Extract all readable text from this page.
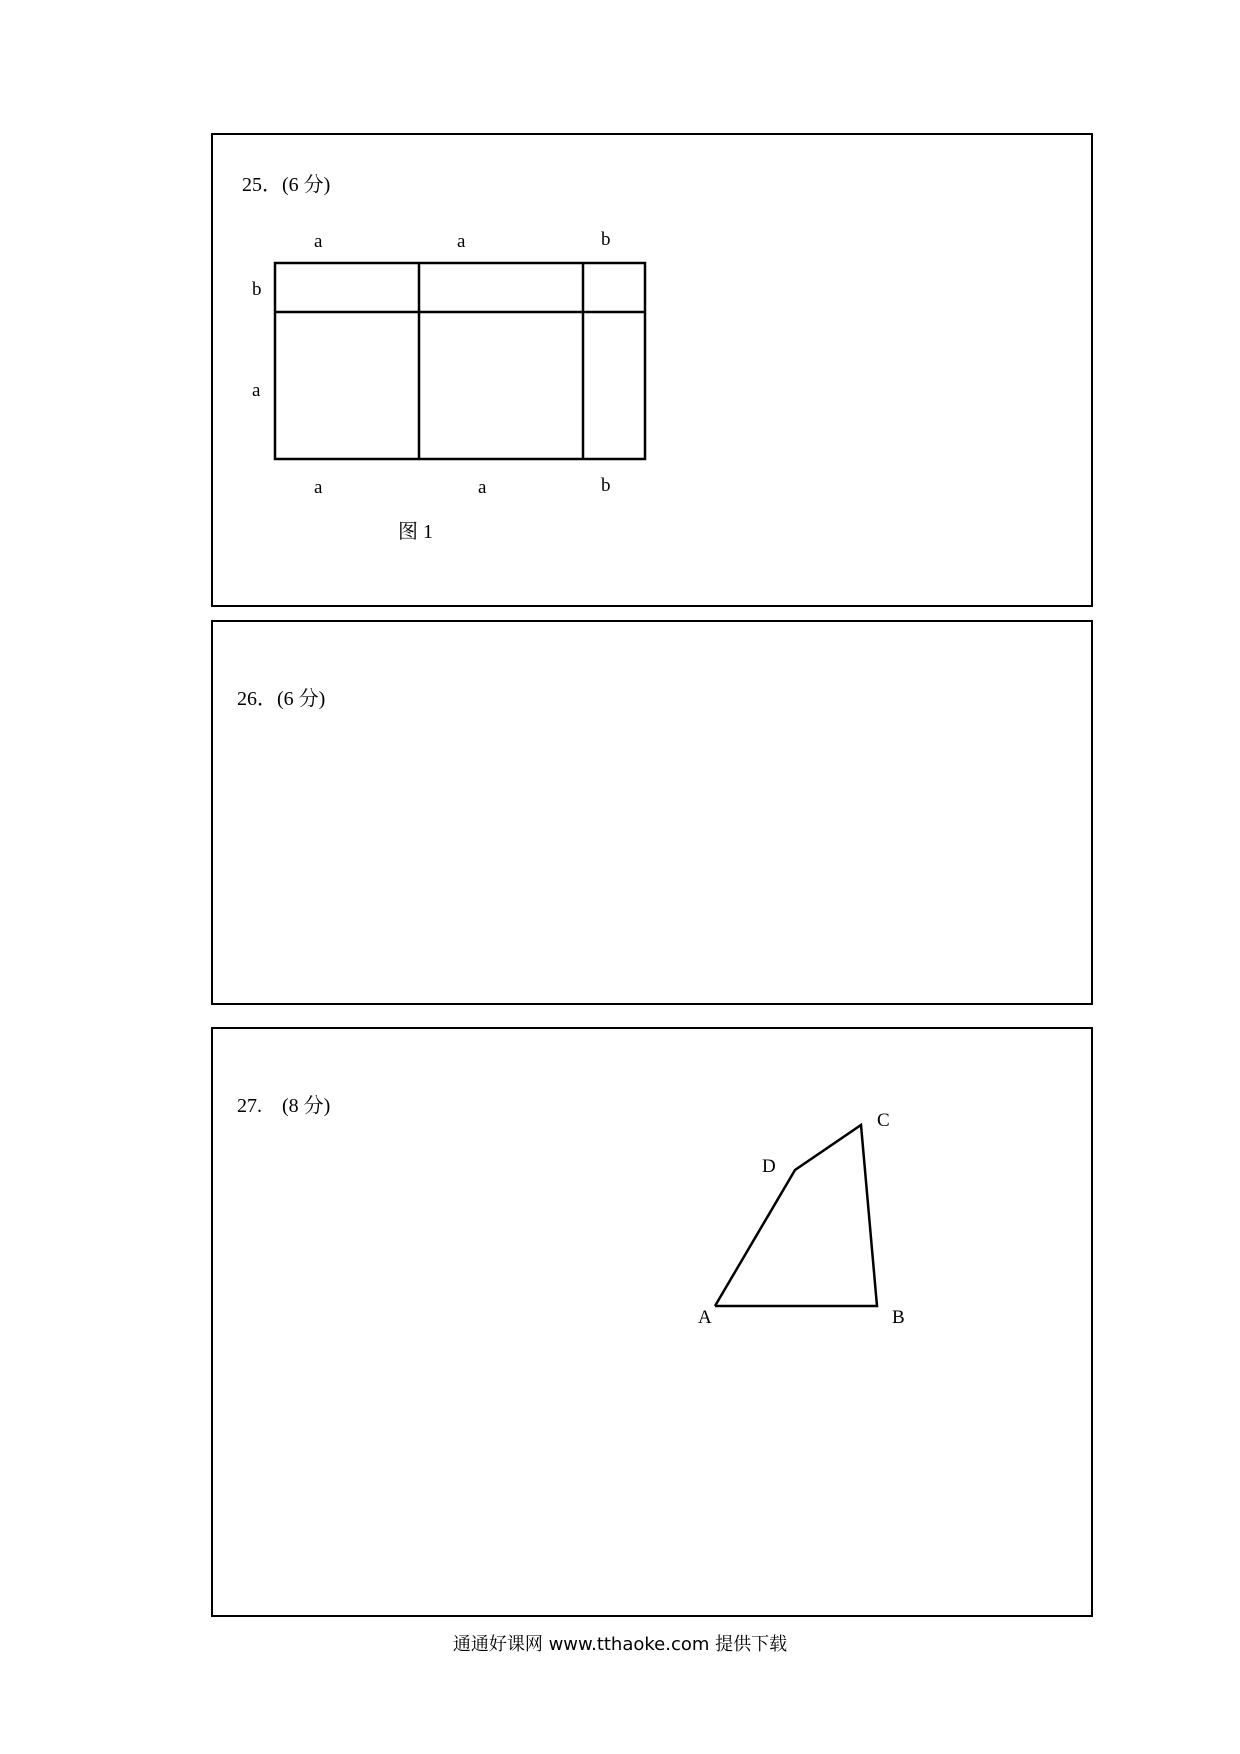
25．(6 分)
a	a	b
b
a
a	a	b
图 1
26．(6 分)
27.    (8 分)
C
D
A	B
通通好课网 www.tthaoke.com 提供下载
